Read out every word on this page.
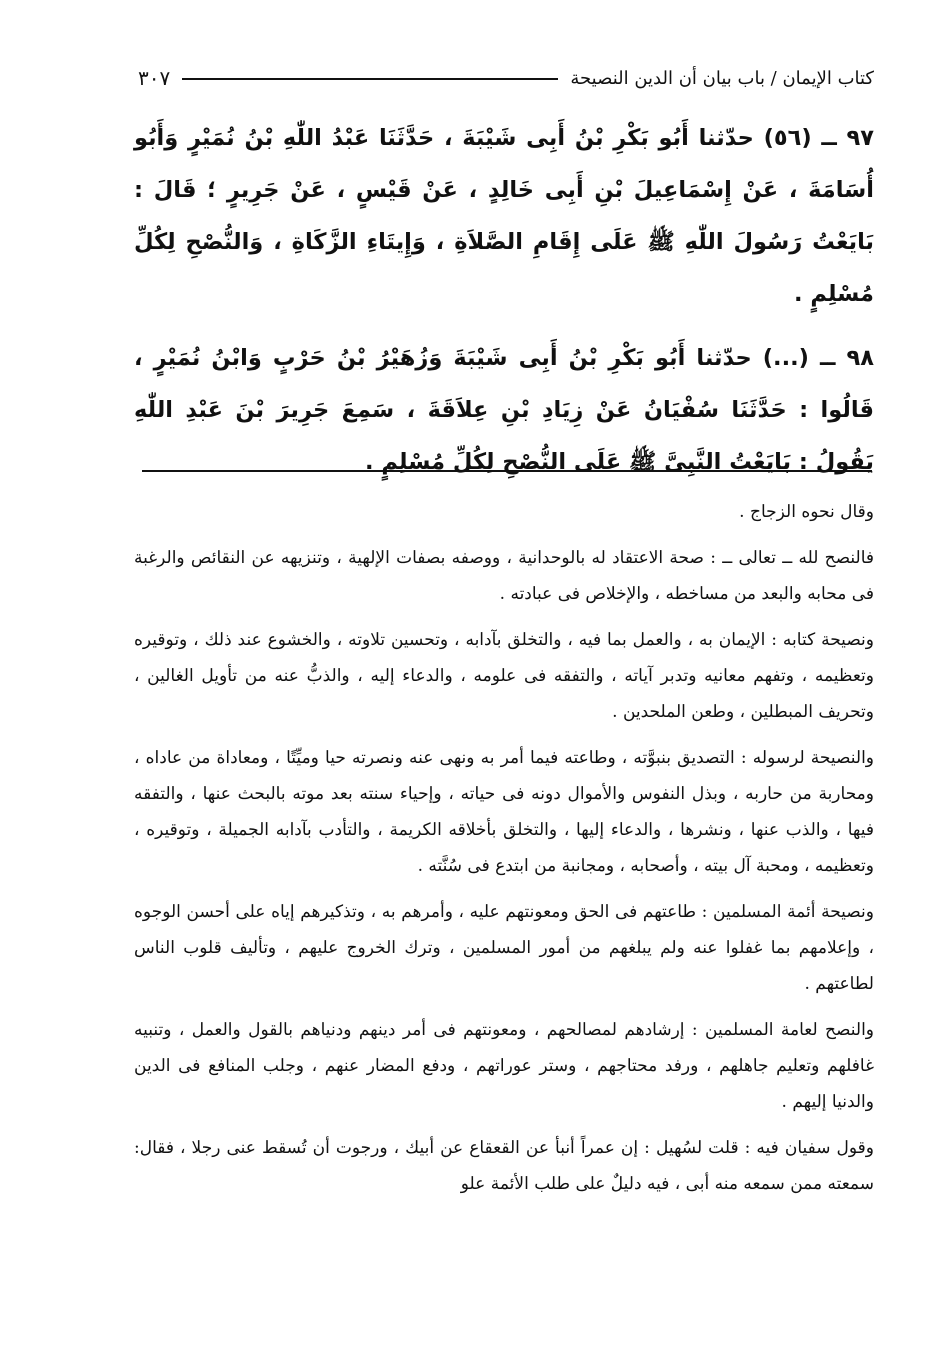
كتاب الإيمان / باب بيان أن الدين النصيحة
٣٠٧

٩٧ ــ (٥٦) حدّثنا أَبُو بَكْرِ بْنُ أَبِى شَيْبَةَ ، حَدَّثَنَا عَبْدُ اللّٰهِ بْنُ نُمَيْرٍ وَأَبُو أُسَامَةَ ، عَنْ إِسْمَاعِيلَ بْنِ أَبِى خَالِدٍ ، عَنْ قَيْسٍ ، عَنْ جَرِيرٍ ؛ قَالَ : بَايَعْتُ رَسُولَ اللّٰهِ ﷺ عَلَى إِقَامِ الصَّلاَةِ ، وَإِيتَاءِ الزَّكَاةِ ، وَالنُّصْحِ لِكُلِّ مُسْلِمٍ .

٩٨ ــ (...) حدّثنا أَبُو بَكْرِ بْنُ أَبِى شَيْبَةَ وَزُهَيْرُ بْنُ حَرْبٍ وَابْنُ نُمَيْرٍ ، قَالُوا : حَدَّثَنَا سُفْيَانُ عَنْ زِيَادِ بْنِ عِلاَقَةَ ، سَمِعَ جَرِيرَ بْنَ عَبْدِ اللّٰهِ يَقُولُ : بَايَعْتُ النَّبِىَّ ﷺ عَلَى النُّصْحِ لِكُلِّ مُسْلِمٍ .

وقال نحوه الزجاج .

فالنصح لله ــ تعالى ــ : صحة الاعتقاد له بالوحدانية ، ووصفه بصفات الإلهية ، وتنزيهه عن النقائص والرغبة فى محابه والبعد من مساخطه ، والإخلاص فى عبادته .

ونصيحة كتابه : الإيمان به ، والعمل بما فيه ، والتخلق بآدابه ، وتحسين تلاوته ، والخشوع عند ذلك ، وتوقيره وتعظيمه ، وتفهم معانيه وتدبر آياته ، والتفقه فى علومه ، والدعاء إليه ، والذبُّ عنه من تأويل الغالين ، وتحريف المبطلين ، وطعن الملحدين .

والنصيحة لرسوله : التصديق بنبوَّته ، وطاعته فيما أمر به ونهى عنه ونصرته حيا وميِّتًا ، ومعاداة من عاداه ، ومحاربة من حاربه ، وبذل النفوس والأموال دونه فى حياته ، وإحياء سنته بعد موته بالبحث عنها ، والتفقه فيها ، والذب عنها ، ونشرها ، والدعاء إليها ، والتخلق بأخلاقه الكريمة ، والتأدب بآدابه الجميلة ، وتوقيره ، وتعظيمه ، ومحبة آل بيته ، وأصحابه ، ومجانبة من ابتدع فى سُنَّته .

ونصيحة أئمة المسلمين : طاعتهم فى الحق ومعونتهم عليه ، وأمرهم به ، وتذكيرهم إياه على أحسن الوجوه ، وإعلامهم بما غفلوا عنه ولم يبلغهم من أمور المسلمين ، وترك الخروج عليهم ، وتأليف قلوب الناس لطاعتهم .

والنصح لعامة المسلمين : إرشادهم لمصالحهم ، ومعونتهم فى أمر دينهم ودنياهم بالقول والعمل ، وتنبيه غافلهم وتعليم جاهلهم ، ورفد محتاجهم ، وستر عوراتهم ، ودفع المضار عنهم ، وجلب المنافع فى الدين والدنيا إليهم .

وقول سفيان فيه : قلت لسُهيل : إن عمراً أنبأ عن القعقاع عن أبيك ، ورجوت أن تُسقط عنى رجلا ، فقال: سمعته ممن سمعه منه أبى ، فيه دليلٌ على طلب الأئمة علو
